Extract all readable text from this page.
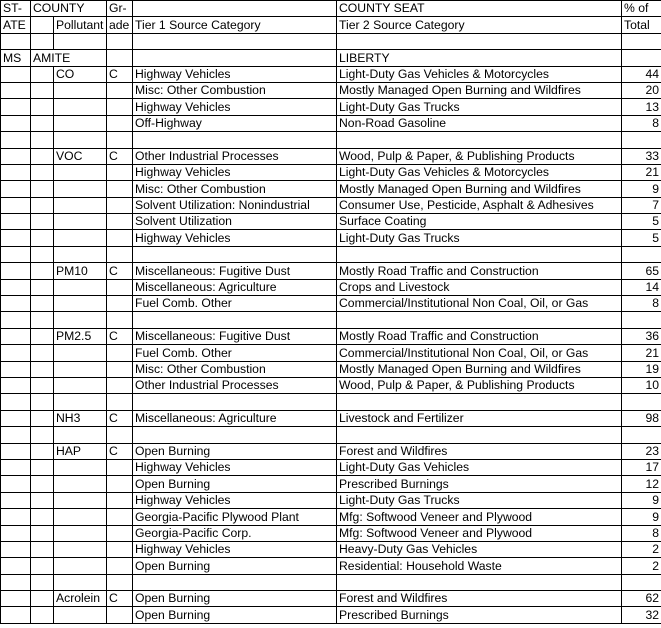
ST-	COUNTY		Gr-		COUNTY SEAT	% of
ATE		Pollutant	ade	Tier 1 Source Category	Tier 2 Source Category	Total

MS	AMITE				LIBERTY	
		CO	C	Highway Vehicles	Light-Duty Gas Vehicles & Motorcycles	44
				Misc: Other Combustion	Mostly Managed Open Burning and Wildfires	20
				Highway Vehicles	Light-Duty Gas Trucks	13
				Off-Highway	Non-Road Gasoline	8

		VOC	C	Other Industrial Processes	Wood, Pulp & Paper, & Publishing Products	33
				Highway Vehicles	Light-Duty Gas Vehicles & Motorcycles	21
				Misc: Other Combustion	Mostly Managed Open Burning and Wildfires	9
				Solvent Utilization: Nonindustrial	Consumer Use, Pesticide, Asphalt & Adhesives	7
				Solvent Utilization	Surface Coating	5
				Highway Vehicles	Light-Duty Gas Trucks	5

		PM10	C	Miscellaneous: Fugitive Dust	Mostly Road Traffic and Construction	65
				Miscellaneous: Agriculture	Crops and Livestock	14
				Fuel Comb. Other	Commercial/Institutional Non Coal, Oil, or Gas	8

		PM2.5	C	Miscellaneous: Fugitive Dust	Mostly Road Traffic and Construction	36
				Fuel Comb. Other	Commercial/Institutional Non Coal, Oil, or Gas	21
				Misc: Other Combustion	Mostly Managed Open Burning and Wildfires	19
				Other Industrial Processes	Wood, Pulp & Paper, & Publishing Products	10

		NH3	C	Miscellaneous: Agriculture	Livestock and Fertilizer	98

		HAP	C	Open Burning	Forest and Wildfires	23
				Highway Vehicles	Light-Duty Gas Vehicles	17
				Open Burning	Prescribed Burnings	12
				Highway Vehicles	Light-Duty Gas Trucks	9
				Georgia-Pacific Plywood Plant	Mfg: Softwood Veneer and Plywood	9
				Georgia-Pacific Corp.	Mfg: Softwood Veneer and Plywood	8
				Highway Vehicles	Heavy-Duty Gas Vehicles	2
				Open Burning	Residential: Household Waste	2

		Acrolein	C	Open Burning	Forest and Wildfires	62
				Open Burning	Prescribed Burnings	32
